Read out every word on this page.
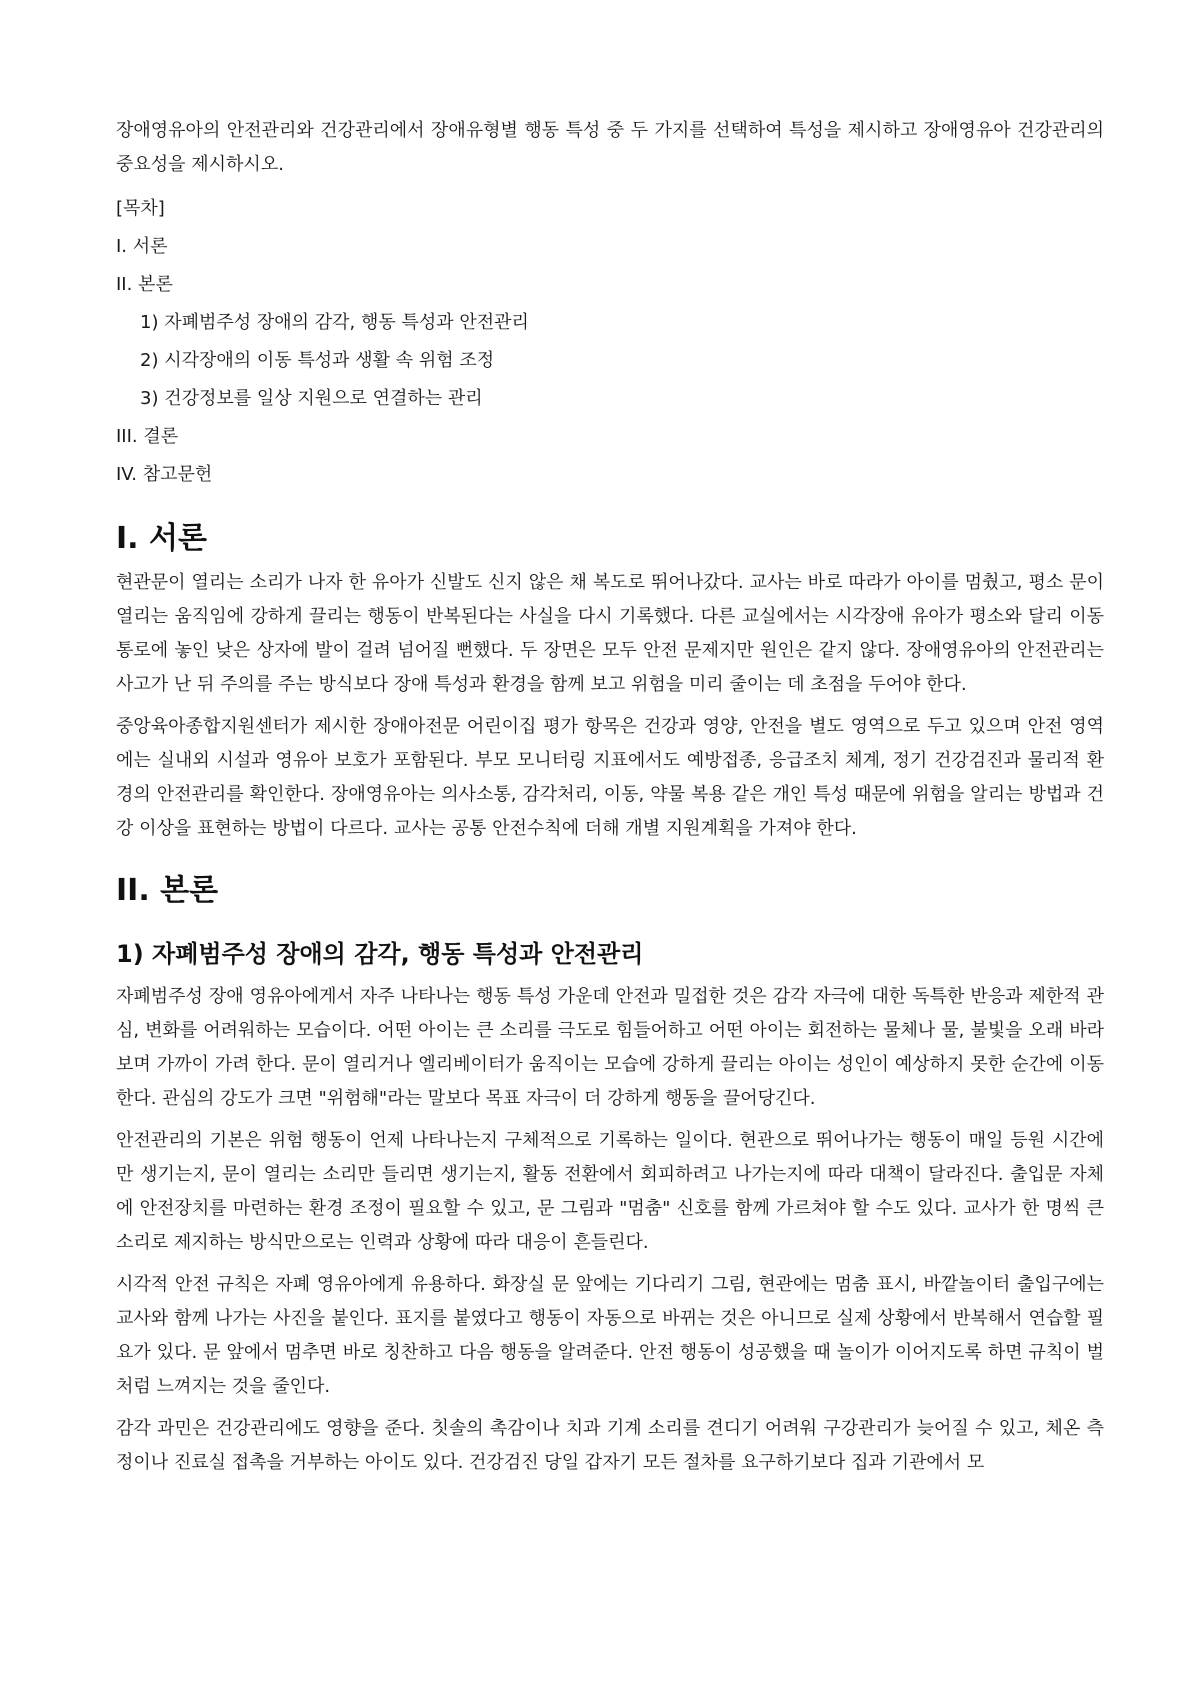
장애영유아의 안전관리와 건강관리에서 장애유형별 행동 특성 중 두 가지를 선택하여 특성을 제시하고 장애영유아 건강관리의 중요성을 제시하시오.

[목차]
I. 서론
II. 본론
1) 자폐범주성 장애의 감각, 행동 특성과 안전관리
2) 시각장애의 이동 특성과 생활 속 위험 조정
3) 건강정보를 일상 지원으로 연결하는 관리
III. 결론
IV. 참고문헌
I. 서론

현관문이 열리는 소리가 나자 한 유아가 신발도 신지 않은 채 복도로 뛰어나갔다. 교사는 바로 따라가 아이를 멈췄고, 평소 문이 열리는 움직임에 강하게 끌리는 행동이 반복된다는 사실을 다시 기록했다. 다른 교실에서는 시각장애 유아가 평소와 달리 이동 통로에 놓인 낮은 상자에 발이 걸려 넘어질 뻔했다. 두 장면은 모두 안전 문제지만 원인은 같지 않다. 장애영유아의 안전관리는 사고가 난 뒤 주의를 주는 방식보다 장애 특성과 환경을 함께 보고 위험을 미리 줄이는 데 초점을 두어야 한다.

중앙육아종합지원센터가 제시한 장애아전문 어린이집 평가 항목은 건강과 영양, 안전을 별도 영역으로 두고 있으며 안전 영역에는 실내외 시설과 영유아 보호가 포함된다. 부모 모니터링 지표에서도 예방접종, 응급조치 체계, 정기 건강검진과 물리적 환경의 안전관리를 확인한다. 장애영유아는 의사소통, 감각처리, 이동, 약물 복용 같은 개인 특성 때문에 위험을 알리는 방법과 건강 이상을 표현하는 방법이 다르다. 교사는 공통 안전수칙에 더해 개별 지원계획을 가져야 한다.

II. 본론
1) 자폐범주성 장애의 감각, 행동 특성과 안전관리

자폐범주성 장애 영유아에게서 자주 나타나는 행동 특성 가운데 안전과 밀접한 것은 감각 자극에 대한 독특한 반응과 제한적 관심, 변화를 어려워하는 모습이다. 어떤 아이는 큰 소리를 극도로 힘들어하고 어떤 아이는 회전하는 물체나 물, 불빛을 오래 바라보며 가까이 가려 한다. 문이 열리거나 엘리베이터가 움직이는 모습에 강하게 끌리는 아이는 성인이 예상하지 못한 순간에 이동한다. 관심의 강도가 크면 "위험해"라는 말보다 목표 자극이 더 강하게 행동을 끌어당긴다.

안전관리의 기본은 위험 행동이 언제 나타나는지 구체적으로 기록하는 일이다. 현관으로 뛰어나가는 행동이 매일 등원 시간에만 생기는지, 문이 열리는 소리만 들리면 생기는지, 활동 전환에서 회피하려고 나가는지에 따라 대책이 달라진다. 출입문 자체에 안전장치를 마련하는 환경 조정이 필요할 수 있고, 문 그림과 "멈춤" 신호를 함께 가르쳐야 할 수도 있다. 교사가 한 명씩 큰 소리로 제지하는 방식만으로는 인력과 상황에 따라 대응이 흔들린다.

시각적 안전 규칙은 자폐 영유아에게 유용하다. 화장실 문 앞에는 기다리기 그림, 현관에는 멈춤 표시, 바깥놀이터 출입구에는 교사와 함께 나가는 사진을 붙인다. 표지를 붙였다고 행동이 자동으로 바뀌는 것은 아니므로 실제 상황에서 반복해서 연습할 필요가 있다. 문 앞에서 멈추면 바로 칭찬하고 다음 행동을 알려준다. 안전 행동이 성공했을 때 놀이가 이어지도록 하면 규칙이 벌처럼 느껴지는 것을 줄인다.

감각 과민은 건강관리에도 영향을 준다. 칫솔의 촉감이나 치과 기계 소리를 견디기 어려워 구강관리가 늦어질 수 있고, 체온 측정이나 진료실 접촉을 거부하는 아이도 있다. 건강검진 당일 갑자기 모든 절차를 요구하기보다 집과 기관에서 모
